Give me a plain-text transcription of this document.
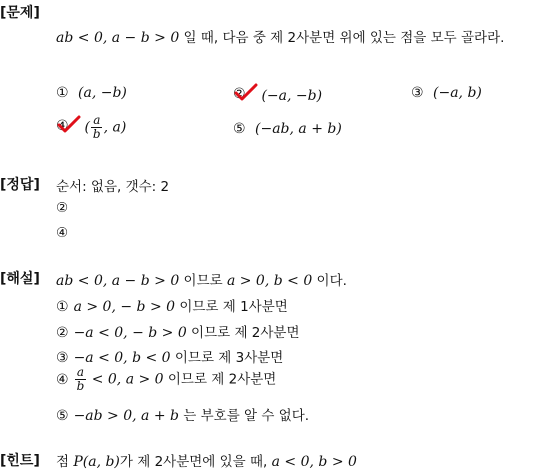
[문제]
ab < 0, a − b > 0 일 때, 다음 중 제 2사분면 위에 있는 점을 모두 골라라.
① (a, −b)	② (−a, −b)	③ (−a, b)
④ ( $\frac{a}{b}$ , a)	⑤ (−ab, a + b)
[정답] 순서: 없음, 갯수: 2
②
④
[해설] ab < 0, a − b > 0 이므로 a > 0, b < 0 이다.
① a > 0, − b > 0 이므로 제 1사분면
② −a < 0, − b > 0 이므로 제 2사분면
③ −a < 0, b < 0 이므로 제 3사분면
④ $\frac{a}{b} < 0$, a > 0 이므로 제 2사분면
⑤ −ab > 0, a + b 는 부호를 알 수 없다.
[힌트] 점 P(a, b)가 제 2사분면에 있을 때, a < 0, b > 0
